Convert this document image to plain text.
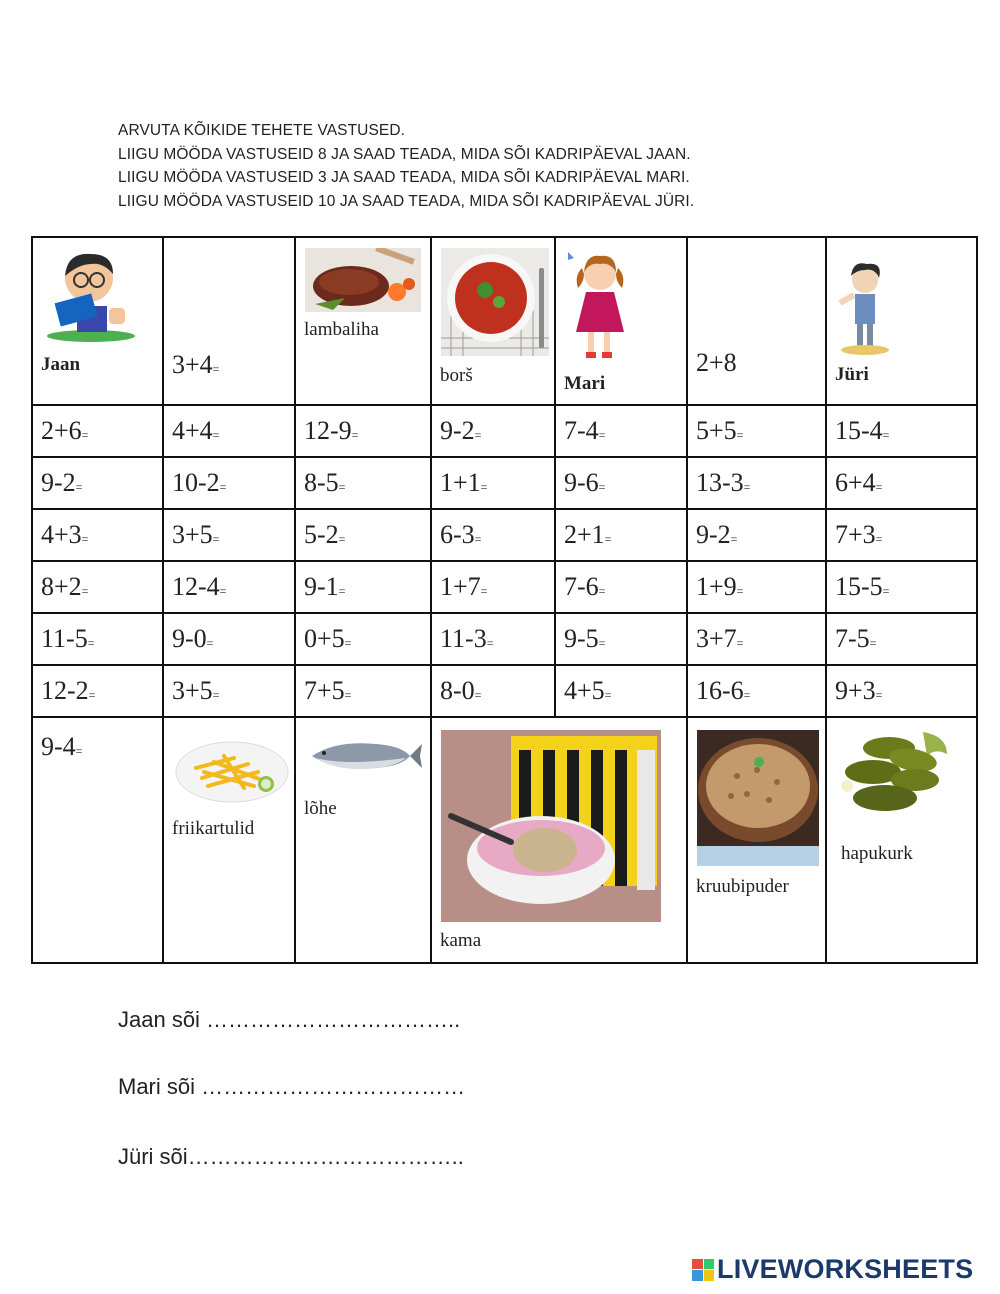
ARVUTA KÕIKIDE TEHETE VASTUSED.
LIIGU MÖÖDA VASTUSEID 8 JA SAAD TEADA, MIDA SÕI KADRIPÄEVAL JAAN.
LIIGU MÖÖDA VASTUSEID 3 JA SAAD TEADA, MIDA SÕI KADRIPÄEVAL MARI.
LIIGU MÖÖDA VASTUSEID 10 JA SAAD TEADA, MIDA SÕI KADRIPÄEVAL JÜRI.
Jaan	3+4=	lambaliha	borš	Mari	2+8	Jüri

2+6=	4+4=	12-9=	9-2=	7-4=	5+5=	15-4=
9-2=	10-2=	8-5=	1+1=	9-6=	13-3=	6+4=
4+3=	3+5=	5-2=	6-3=	2+1=	9-2=	7+3=
8+2=	12-4=	9-1=	1+7=	7-6=	1+9=	15-5=
11-5=	9-0=	0+5=	11-3=	9-5=	3+7=	7-5=
12-2=	3+5=	7+5=	8-0=	4+5=	16-6=	9+3=

9-4=	friikartulid	lõhe	kama		kruubipuder	hapukurk
Jaan sõi ……………………………..
Mari sõi ………………………………
Jüri sõi………………………………..
LIVEWORKSHEETS
